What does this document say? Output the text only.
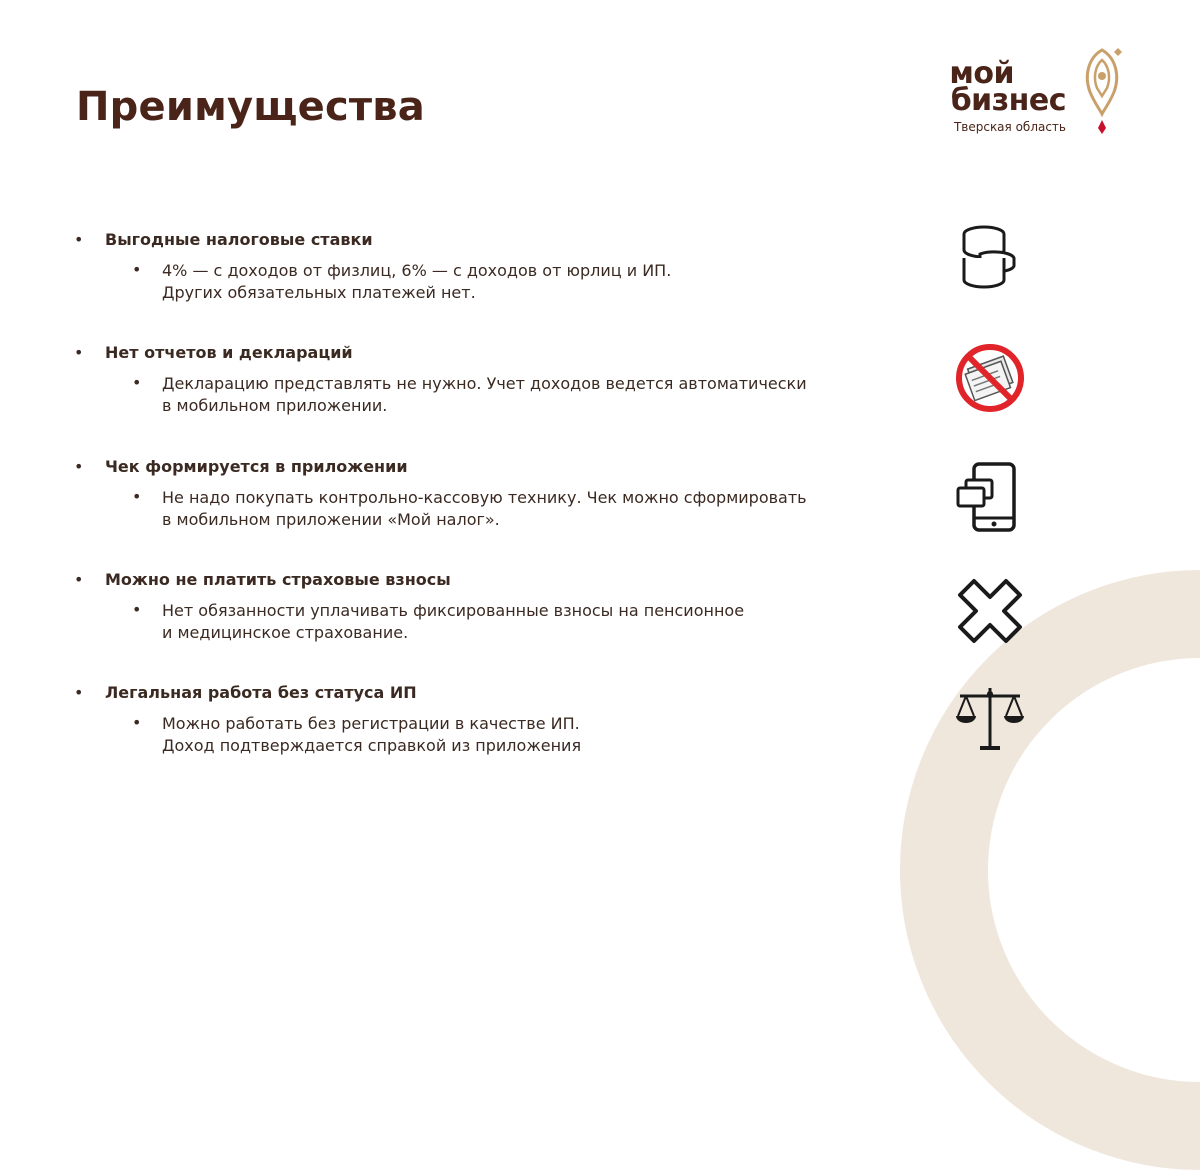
Преимущества
мой
бизнес
Тверская область
• Выгодные налоговые ставки
• 4% — с доходов от физлиц, 6% — с доходов от юрлиц и ИП.
Других обязательных платежей нет.
• Нет отчетов и деклараций
• Декларацию представлять не нужно. Учет доходов ведется автоматически
в мобильном приложении.
• Чек формируется в приложении
• Не надо покупать контрольно-кассовую технику. Чек можно сформировать
в мобильном приложении «Мой налог».
• Можно не платить страховые взносы
• Нет обязанности уплачивать фиксированные взносы на пенсионное
и медицинское страхование.
• Легальная работа без статуса ИП
• Можно работать без регистрации в качестве ИП.
Доход подтверждается справкой из приложения
